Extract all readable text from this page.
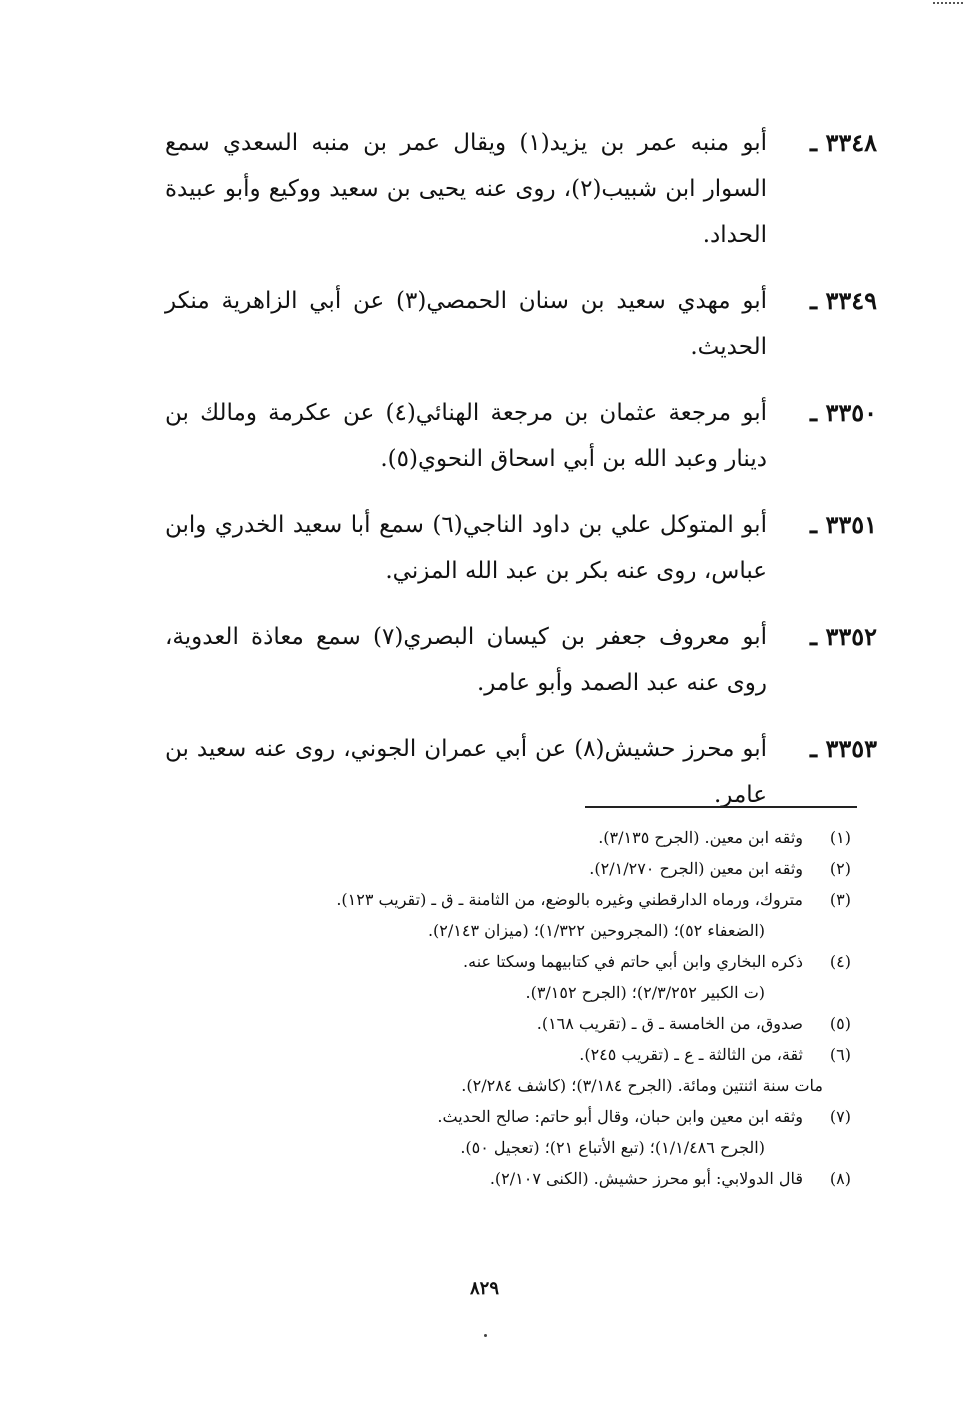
٣٣٤٨ ـ
أبو منبه عمر بن يزيد(١) ويقال عمر بن منبه السعدي سمع السوار ابن شبيب(٢)، روى عنه يحيى بن سعيد ووكيع وأبو عبيدة الحداد.
٣٣٤٩ ـ
أبو مهدي سعيد بن سنان الحمصي(٣) عن أبي الزاهرية منكر الحديث.
٣٣٥٠ ـ
أبو مرجعة عثمان بن مرجعة الهنائي(٤) عن عكرمة ومالك بن دينار وعبد الله بن أبي اسحاق النحوي(٥).
٣٣٥١ ـ
أبو المتوكل علي بن داود الناجي(٦) سمع أبا سعيد الخدري وابن عباس، روى عنه بكر بن عبد الله المزني.
٣٣٥٢ ـ
أبو معروف جعفر بن كيسان البصري(٧) سمع معاذة العدوية، روى عنه عبد الصمد وأبو عامر.
٣٣٥٣ ـ
أبو محرز حشيش(٨) عن أبي عمران الجوني، روى عنه سعيد بن عامر.
(١)
وثقه ابن معين. (الجرح ٣/١٣٥).
(٢)
وثقه ابن معين (الجرح ٢/١/٢٧٠).
(٣)
متروك، ورماه الدارقطني وغيره بالوضع، من الثامنة ـ ق ـ (تقريب ١٢٣).
(الضعفاء ٥٢)؛ (المجروحين ١/٣٢٢)؛ (ميزان ٢/١٤٣).
(٤)
ذكره البخاري وابن أبي حاتم في كتابيهما وسكتا عنه.
(ت الكبير ٢/٣/٢٥٢)؛ (الجرح ٣/١٥٢).
(٥)
صدوق، من الخامسة ـ ق ـ (تقريب ١٦٨).
(٦)
ثقة، من الثالثة ـ ع ـ (تقريب ٢٤٥).
مات سنة اثنتين ومائة. (الجرح ٣/١٨٤)؛ (كاشف ٢/٢٨٤).
(٧)
وثقه ابن معين وابن حبان، وقال أبو حاتم: صالح الحديث.
(الجرح ١/١/٤٨٦)؛ (تبع الأتباع ٢١)؛ (تعجيل ٥٠).
(٨)
قال الدولابي: أبو محرز حشيش. (الكنى ٢/١٠٧).
٨٢٩
